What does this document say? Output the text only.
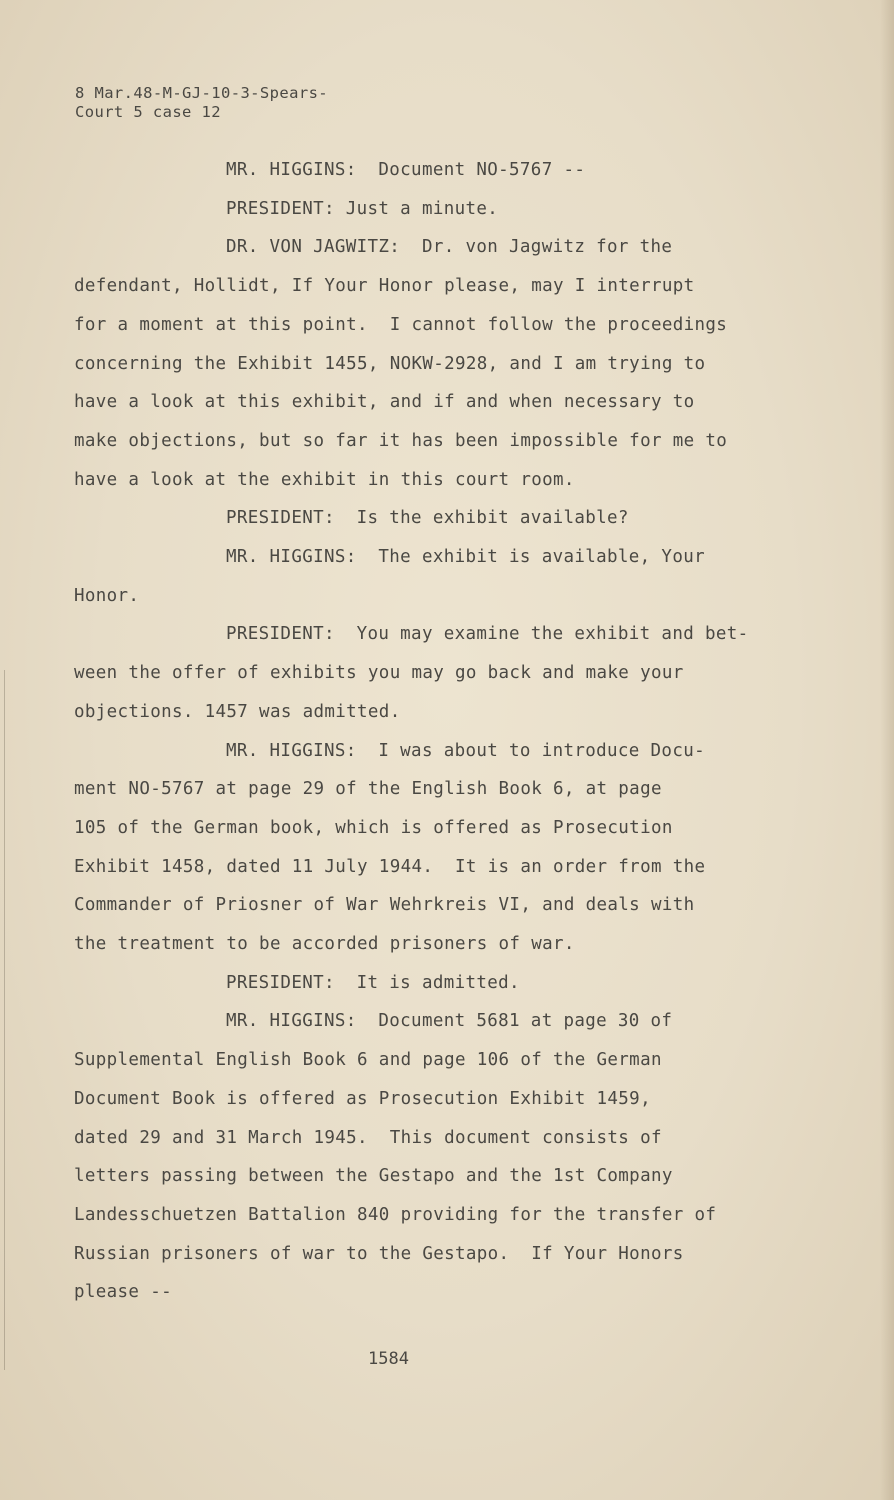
8 Mar.48-M-GJ-10-3-Spears-
Court 5 case 12
MR. HIGGINS:  Document NO-5767 --
PRESIDENT: Just a minute.
DR. VON JAGWITZ:  Dr. von Jagwitz for the
defendant, Hollidt, If Your Honor please, may I interrupt
for a moment at this point.  I cannot follow the proceedings
concerning the Exhibit 1455, NOKW-2928, and I am trying to
have a look at this exhibit, and if and when necessary to
make objections, but so far it has been impossible for me to
have a look at the exhibit in this court room.
PRESIDENT:  Is the exhibit available?
MR. HIGGINS:  The exhibit is available, Your
Honor.
PRESIDENT:  You may examine the exhibit and bet-
ween the offer of exhibits you may go back and make your
objections. 1457 was admitted.
MR. HIGGINS:  I was about to introduce Docu-
ment NO-5767 at page 29 of the English Book 6, at page
105 of the German book, which is offered as Prosecution
Exhibit 1458, dated 11 July 1944.  It is an order from the
Commander of Priosner of War Wehrkreis VI, and deals with
the treatment to be accorded prisoners of war.
PRESIDENT:  It is admitted.
MR. HIGGINS:  Document 5681 at page 30 of
Supplemental English Book 6 and page 106 of the German
Document Book is offered as Prosecution Exhibit 1459,
dated 29 and 31 March 1945.  This document consists of
letters passing between the Gestapo and the 1st Company
Landesschuetzen Battalion 840 providing for the transfer of
Russian prisoners of war to the Gestapo.  If Your Honors
please --
1584
